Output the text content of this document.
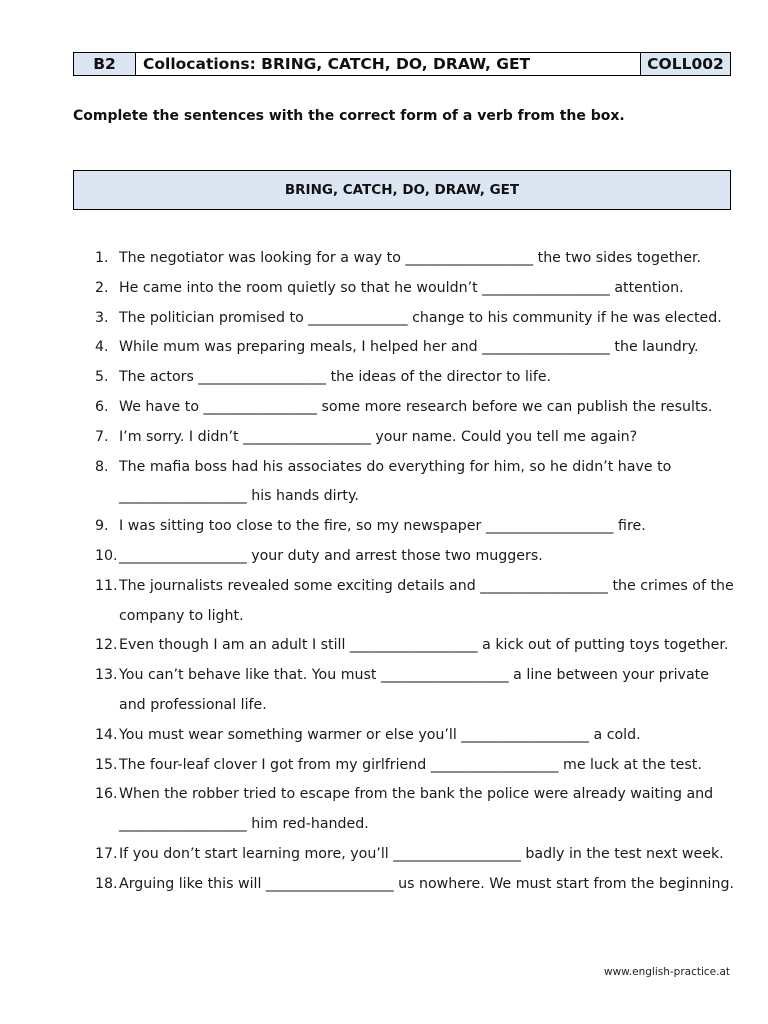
B2	Collocations: BRING, CATCH, DO, DRAW, GET	COLL002
Complete the sentences with the correct form of a verb from the box.
BRING, CATCH, DO, DRAW, GET
1. The negotiator was looking for a way to __________________ the two sides together.
2. He came into the room quietly so that he wouldn’t __________________ attention.
3. The politician promised to ______________ change to his community if he was elected.
4. While mum was preparing meals, I helped her and __________________ the laundry.
5. The actors __________________ the ideas of the director to life.
6. We have to ________________ some more research before we can publish the results.
7. I’m sorry. I didn’t __________________ your name. Could you tell me again?
8. The mafia boss had his associates do everything for him, so he didn’t have to __________________ his hands dirty.
9. I was sitting too close to the fire, so my newspaper __________________ fire.
10. __________________ your duty and arrest those two muggers.
11. The journalists revealed some exciting details and __________________ the crimes of the company to light.
12. Even though I am an adult I still __________________ a kick out of putting toys together.
13. You can’t behave like that. You must __________________ a line between your private and professional life.
14. You must wear something warmer or else you’ll __________________ a cold.
15. The four-leaf clover I got from my girlfriend __________________ me luck at the test.
16. When the robber tried to escape from the bank the police were already waiting and __________________ him red-handed.
17. If you don’t start learning more, you’ll __________________ badly in the test next week.
18. Arguing like this will __________________ us nowhere. We must start from the beginning.
www.english-practice.at
